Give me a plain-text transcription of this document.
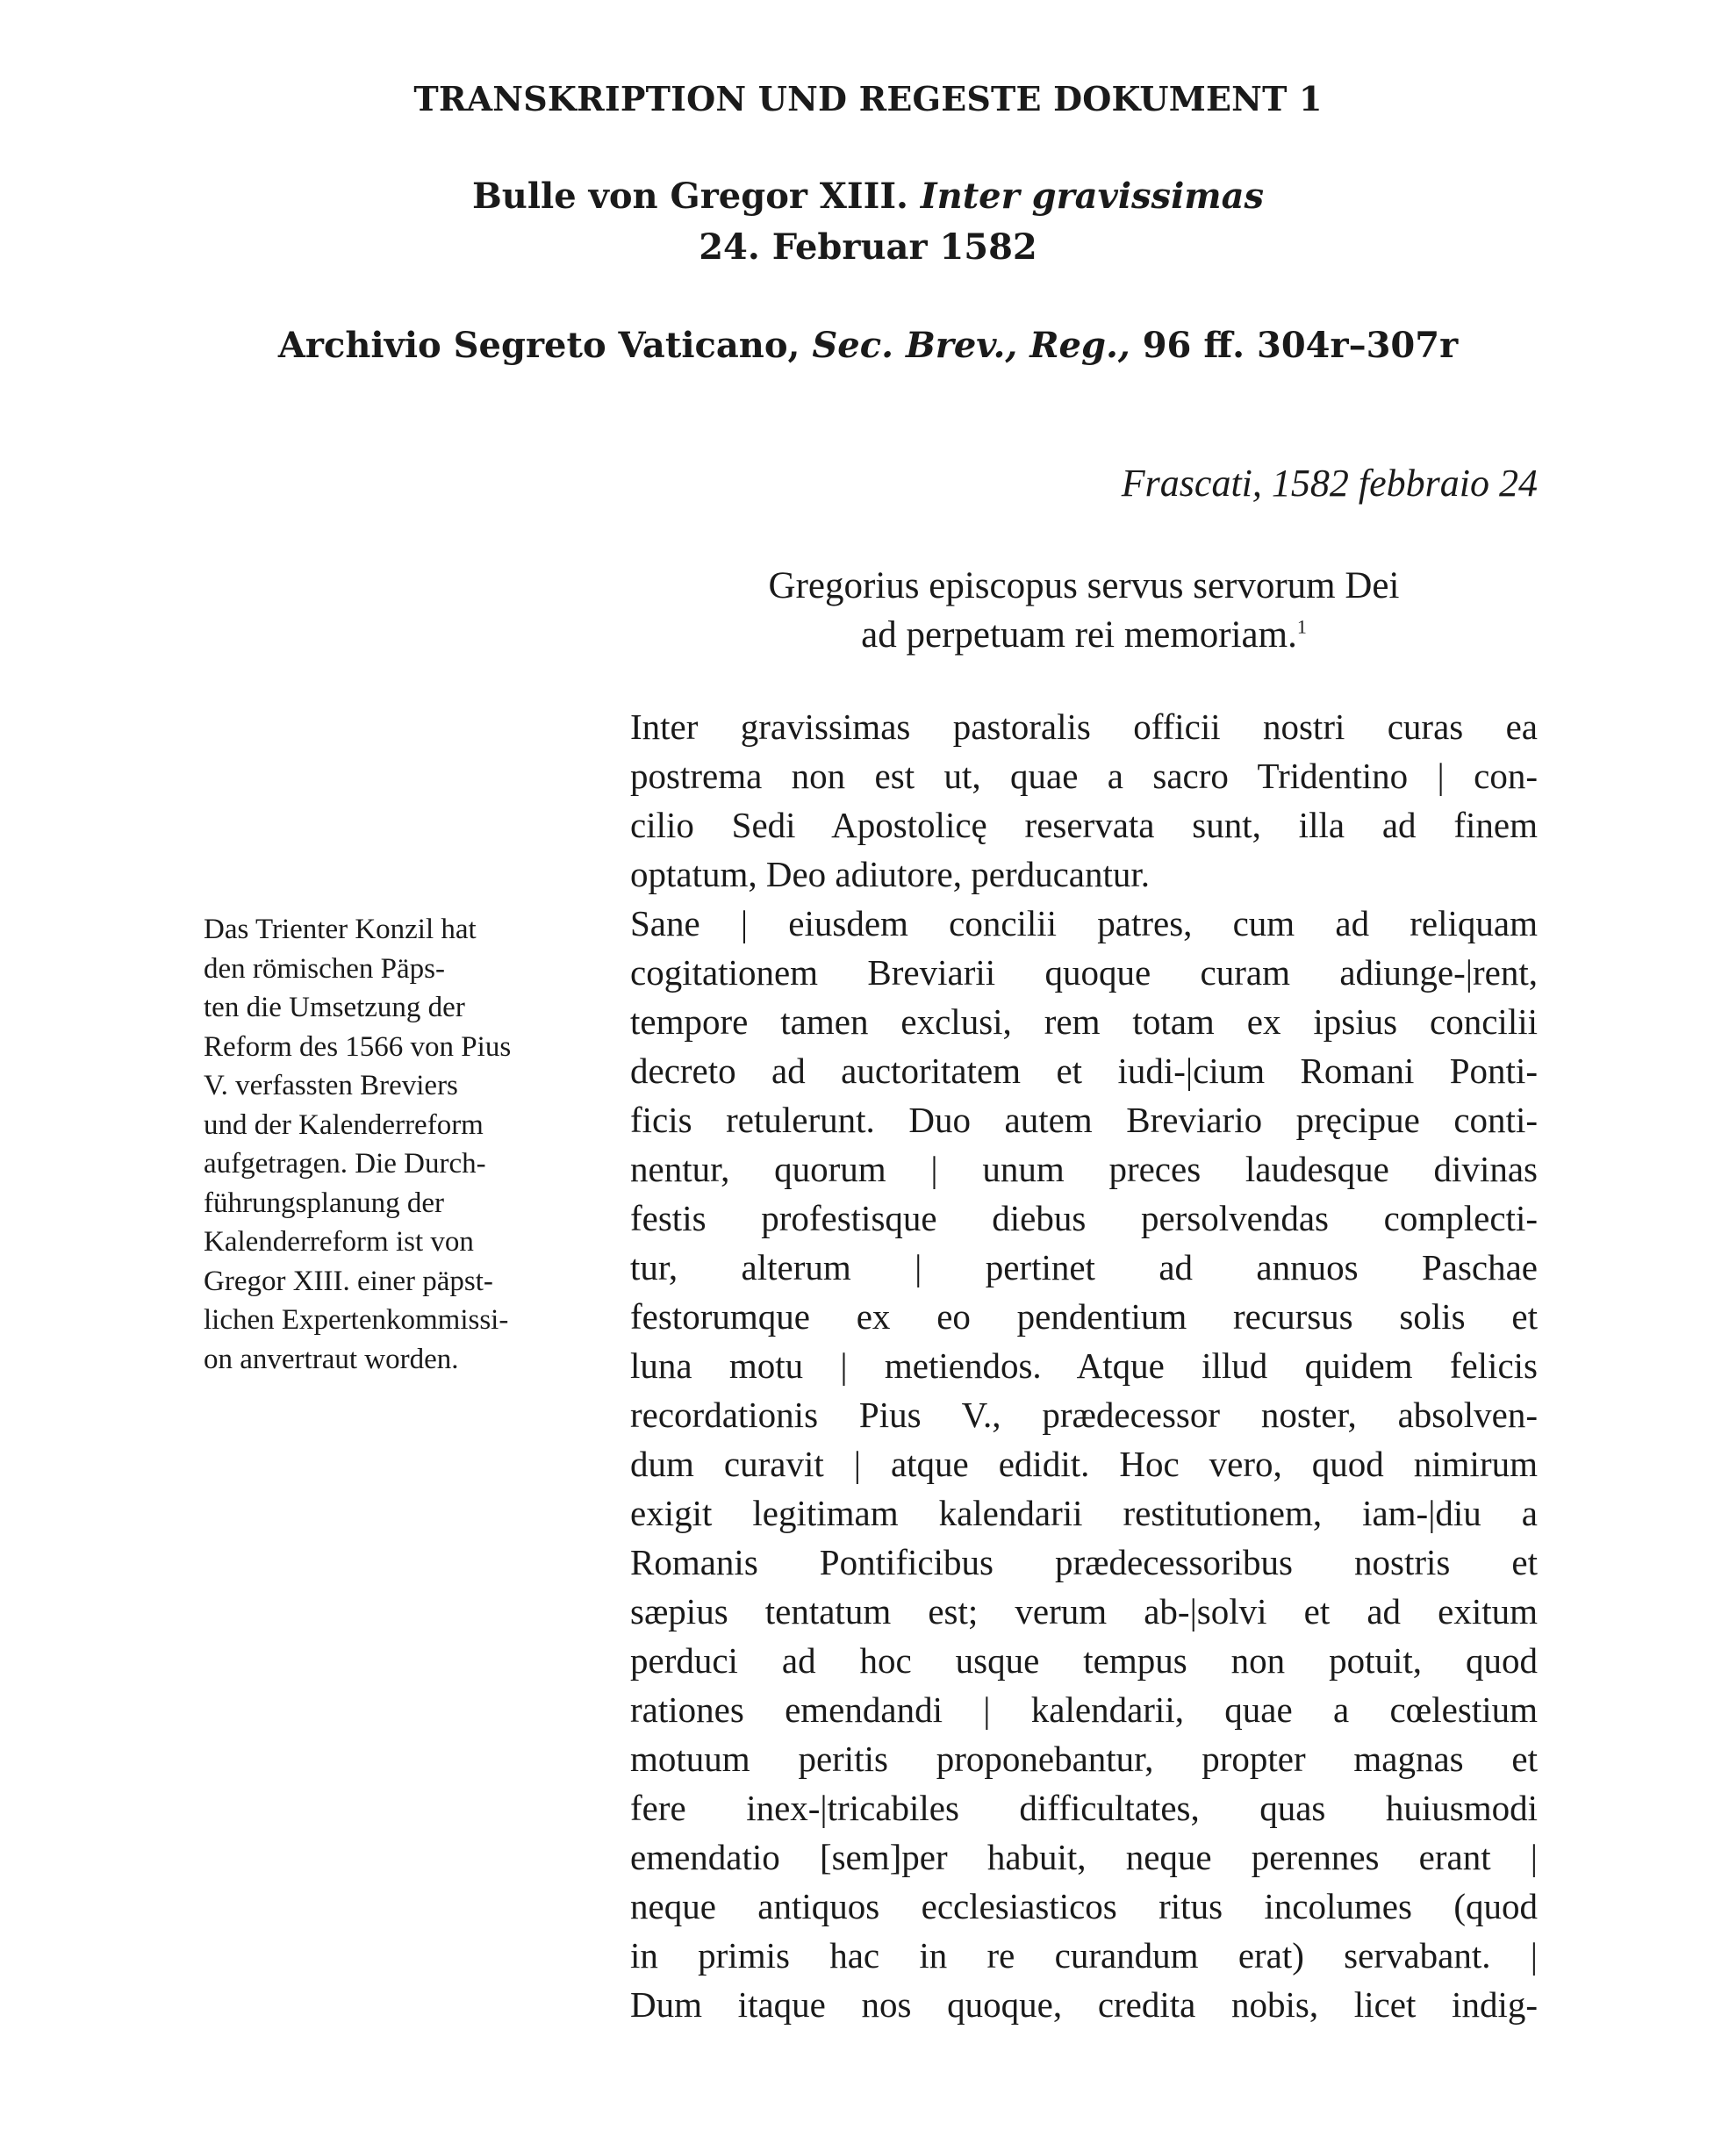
TRANSKRIPTION UND REGESTE DOKUMENT 1
Bulle von Gregor XIII. Inter gravissimas
24. Februar 1582
Archivio Segreto Vaticano, Sec. Brev., Reg., 96 ff. 304r–307r
Frascati, 1582 febbraio 24
Gregorius episcopus servus servorum Dei
ad perpetuam rei memoriam.$^1$
Das Trienter Konzil hat
den römischen Päps-
ten die Umsetzung der
Reform des 1566 von Pius
V. verfassten Breviers
und der Kalenderreform
aufgetragen. Die Durch-
führungsplanung der
Kalenderreform ist von
Gregor XIII. einer päpst-
lichen Expertenkommissi-
on anvertraut worden.
Inter gravissimas pastoralis officii nostri curas ea
postrema non est ut, quae a sacro Tridentino | con-
cilio Sedi Apostolicę reservata sunt, illa ad finem
optatum, Deo adiutore, perducantur.
Sane | eiusdem concilii patres, cum ad reliquam
cogitationem Breviarii quoque curam adiunge-|rent,
tempore tamen exclusi, rem totam ex ipsius concilii
decreto ad auctoritatem et iudi-|cium Romani Ponti-
ficis retulerunt. Duo autem Breviario pręcipue conti-
nentur, quorum | unum preces laudesque divinas
festis profestisque diebus persolvendas complecti-
tur, alterum | pertinet ad annuos Paschae
festorumque ex eo pendentium recursus solis et
luna motu | metiendos. Atque illud quidem felicis
recordationis Pius V., prædecessor noster, absolven-
dum curavit | atque edidit. Hoc vero, quod nimirum
exigit legitimam kalendarii restitutionem, iam-|diu a
Romanis Pontificibus prædecessoribus nostris et
sæpius tentatum est; verum ab-|solvi et ad exitum
perduci ad hoc usque tempus non potuit, quod
rationes emendandi | kalendarii, quae a cœlestium
motuum peritis proponebantur, propter magnas et
fere inex-|tricabiles difficultates, quas huiusmodi
emendatio [sem]per habuit, neque perennes erant |
neque antiquos ecclesiasticos ritus incolumes (quod
in primis hac in re curandum erat) servabant. |
Dum itaque nos quoque, credita nobis, licet indig-
